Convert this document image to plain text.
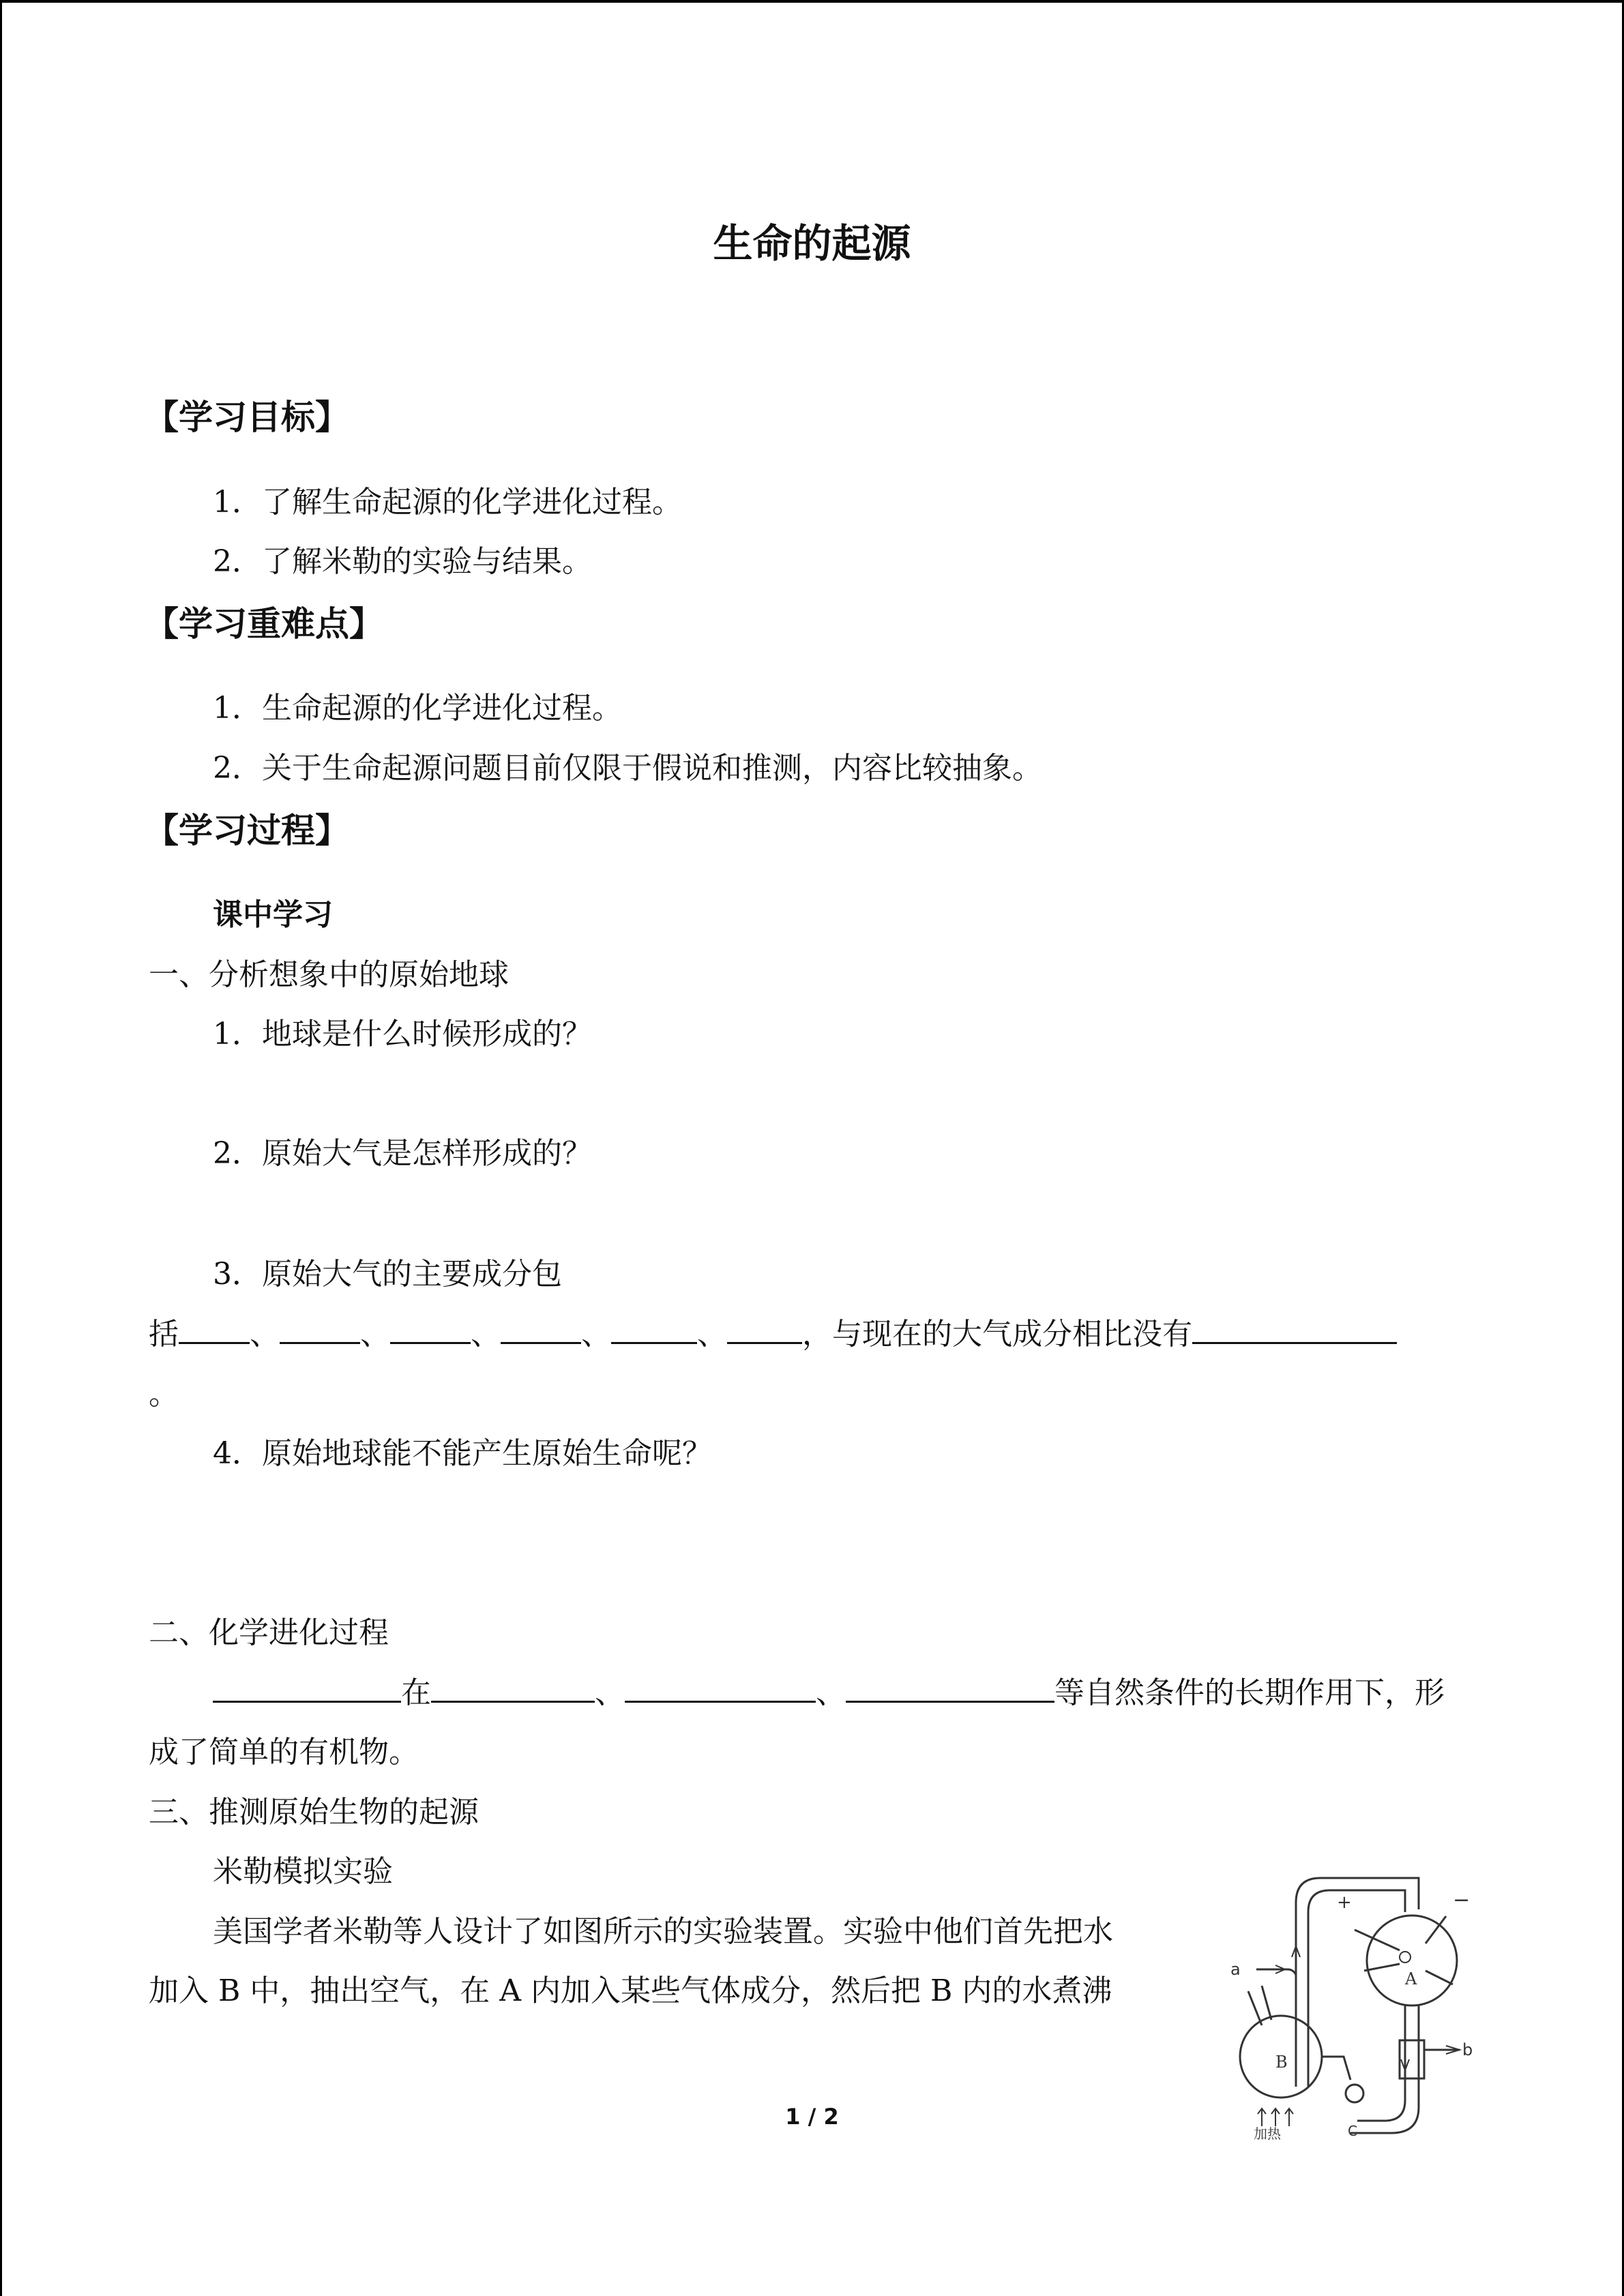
生命的起源
【学习目标】
1．了解生命起源的化学进化过程。
2．了解米勒的实验与结果。
【学习重难点】
1．生命起源的化学进化过程。
2．关于生命起源问题目前仅限于假说和推测，内容比较抽象。
【学习过程】
课中学习
一、分析想象中的原始地球
1．地球是什么时候形成的？
2．原始大气是怎样形成的？
3．原始大气的主要成分包
括 、	、	、	、	、	，与现在的大气成分相比没有
。
4．原始地球能不能产生原始生命呢？
二、化学进化过程
在	、	、	等自然条件的长期作用下，形
成了简单的有机物。
三、推测原始生物的起源
米勒模拟实验
美国学者米勒等人设计了如图所示的实验装置。实验中他们首先把水
加入 B 中，抽出空气，在 A 内加入某些气体成分，然后把 B 内的水煮沸
+	−
A
B
C
a
b
加热
1 / 2
